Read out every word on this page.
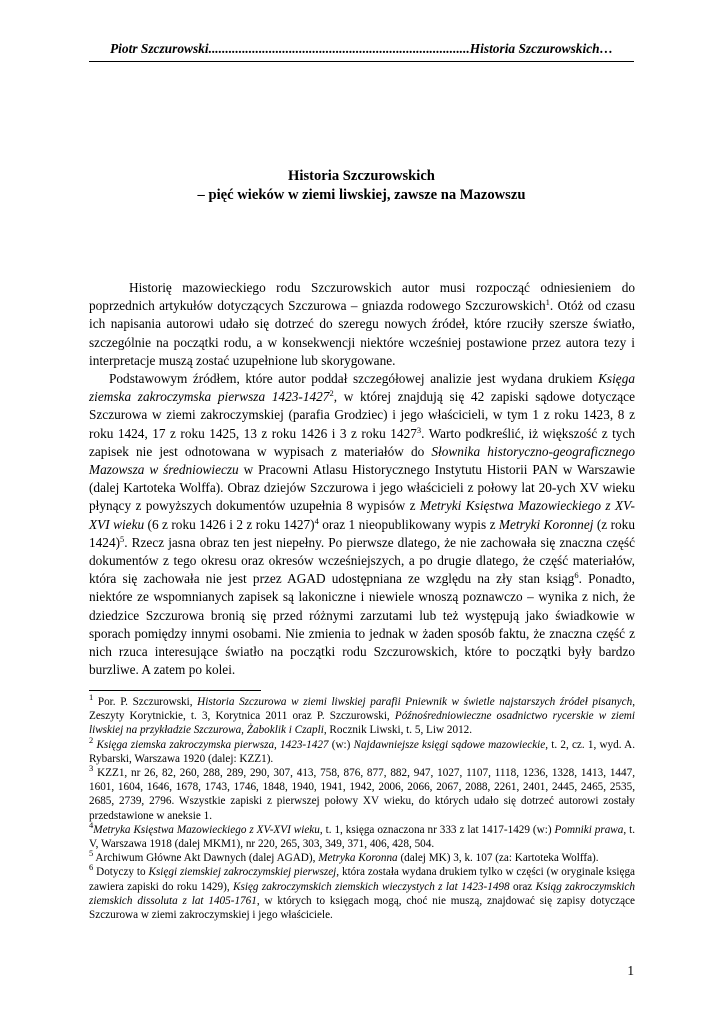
Piotr Szczurowski..............................................................................Historia Szczurowskich…
Historia Szczurowskich
– pięć wieków w ziemi liwskiej, zawsze na Mazowszu

Historię mazowieckiego rodu Szczurowskich autor musi rozpocząć odniesieniem do poprzednich artykułów dotyczących Szczurowa – gniazda rodowego Szczurowskich$^1$. Otóż od czasu ich napisania autorowi udało się dotrzeć do szeregu nowych źródeł, które rzuciły szersze światło, szczególnie na początki rodu, a w konsekwencji niektóre wcześniej postawione przez autora tezy i interpretacje muszą zostać uzupełnione lub skorygowane.

Podstawowym źródłem, które autor poddał szczegółowej analizie jest wydana drukiem Księga ziemska zakroczymska pierwsza 1423-1427$^2$, w której znajdują się 42 zapiski sądowe dotyczące Szczurowa w ziemi zakroczymskiej (parafia Grodziec) i jego właścicieli, w tym 1 z roku 1423, 8 z roku 1424, 17 z roku 1425, 13 z roku 1426 i 3 z roku 1427$^3$. Warto podkreślić, iż większość z tych zapisek nie jest odnotowana w wypisach z materiałów do Słownika historyczno-geograficznego Mazowsza w średniowieczu w Pracowni Atlasu Historycznego Instytutu Historii PAN w Warszawie (dalej Kartoteka Wolffa). Obraz dziejów Szczurowa i jego właścicieli z połowy lat 20-ych XV wieku płynący z powyższych dokumentów uzupełnia 8 wypisów z Metryki Księstwa Mazowieckiego z XV-XVI wieku (6 z roku 1426 i 2 z roku 1427)$^4$ oraz 1 nieopublikowany wypis z Metryki Koronnej (z roku 1424)$^5$. Rzecz jasna obraz ten jest niepełny. Po pierwsze dlatego, że nie zachowała się znaczna część dokumentów z tego okresu oraz okresów wcześniejszych, a po drugie dlatego, że część materiałów, która się zachowała nie jest przez AGAD udostępniana ze względu na zły stan ksiąg$^6$. Ponadto, niektóre ze wspomnianych zapisek są lakoniczne i niewiele wnoszą poznawczo – wynika z nich, że dziedzice Szczurowa bronią się przed różnymi zarzutami lub też występują jako świadkowie w sporach pomiędzy innymi osobami. Nie zmienia to jednak w żaden sposób faktu, że znaczna część z nich rzuca interesujące światło na początki rodu Szczurowskich, które to początki były bardzo burzliwe. A zatem po kolei.

$^1$ Por. P. Szczurowski, Historia Szczurowa w ziemi liwskiej parafii Pniewnik w świetle najstarszych źródeł pisanych, Zeszyty Korytnickie, t. 3, Korytnica 2011 oraz P. Szczurowski, Późnośredniowieczne osadnictwo rycerskie w ziemi liwskiej na przykładzie Szczurowa, Żaboklik i Czapli, Rocznik Liwski, t. 5, Liw 2012.

$^2$ Księga ziemska zakroczymska pierwsza, 1423-1427 (w:) Najdawniejsze księgi sądowe mazowieckie, t. 2, cz. 1, wyd. A. Rybarski, Warszawa 1920 (dalej: KZZ1).

$^3$ KZZ1, nr 26, 82, 260, 288, 289, 290, 307, 413, 758, 876, 877, 882, 947, 1027, 1107, 1118, 1236, 1328, 1413, 1447, 1601, 1604, 1646, 1678, 1743, 1746, 1848, 1940, 1941, 1942, 2006, 2066, 2067, 2088, 2261, 2401, 2445, 2465, 2535, 2685, 2739, 2796. Wszystkie zapiski z pierwszej połowy XV wieku, do których udało się dotrzeć autorowi zostały przedstawione w aneksie 1.

$^4$Metryka Księstwa Mazowieckiego z XV-XVI wieku, t. 1, księga oznaczona nr 333 z lat 1417-1429 (w:) Pomniki prawa, t. V, Warszawa 1918 (dalej MKM1), nr 220, 265, 303, 349, 371, 406, 428, 504.

$^5$ Archiwum Główne Akt Dawnych (dalej AGAD), Metryka Koronna (dalej MK) 3, k. 107 (za: Kartoteka Wolffa).

$^6$ Dotyczy to Księgi ziemskiej zakroczymskiej pierwszej, która została wydana drukiem tylko w części (w oryginale księga zawiera zapiski do roku 1429), Księg zakroczymskich ziemskich wieczystych z lat 1423-1498 oraz Ksiąg zakroczymskich ziemskich dissoluta z lat 1405-1761, w których to księgach mogą, choć nie muszą, znajdować się zapisy dotyczące Szczurowa w ziemi zakroczymskiej i jego właściciele.

1
